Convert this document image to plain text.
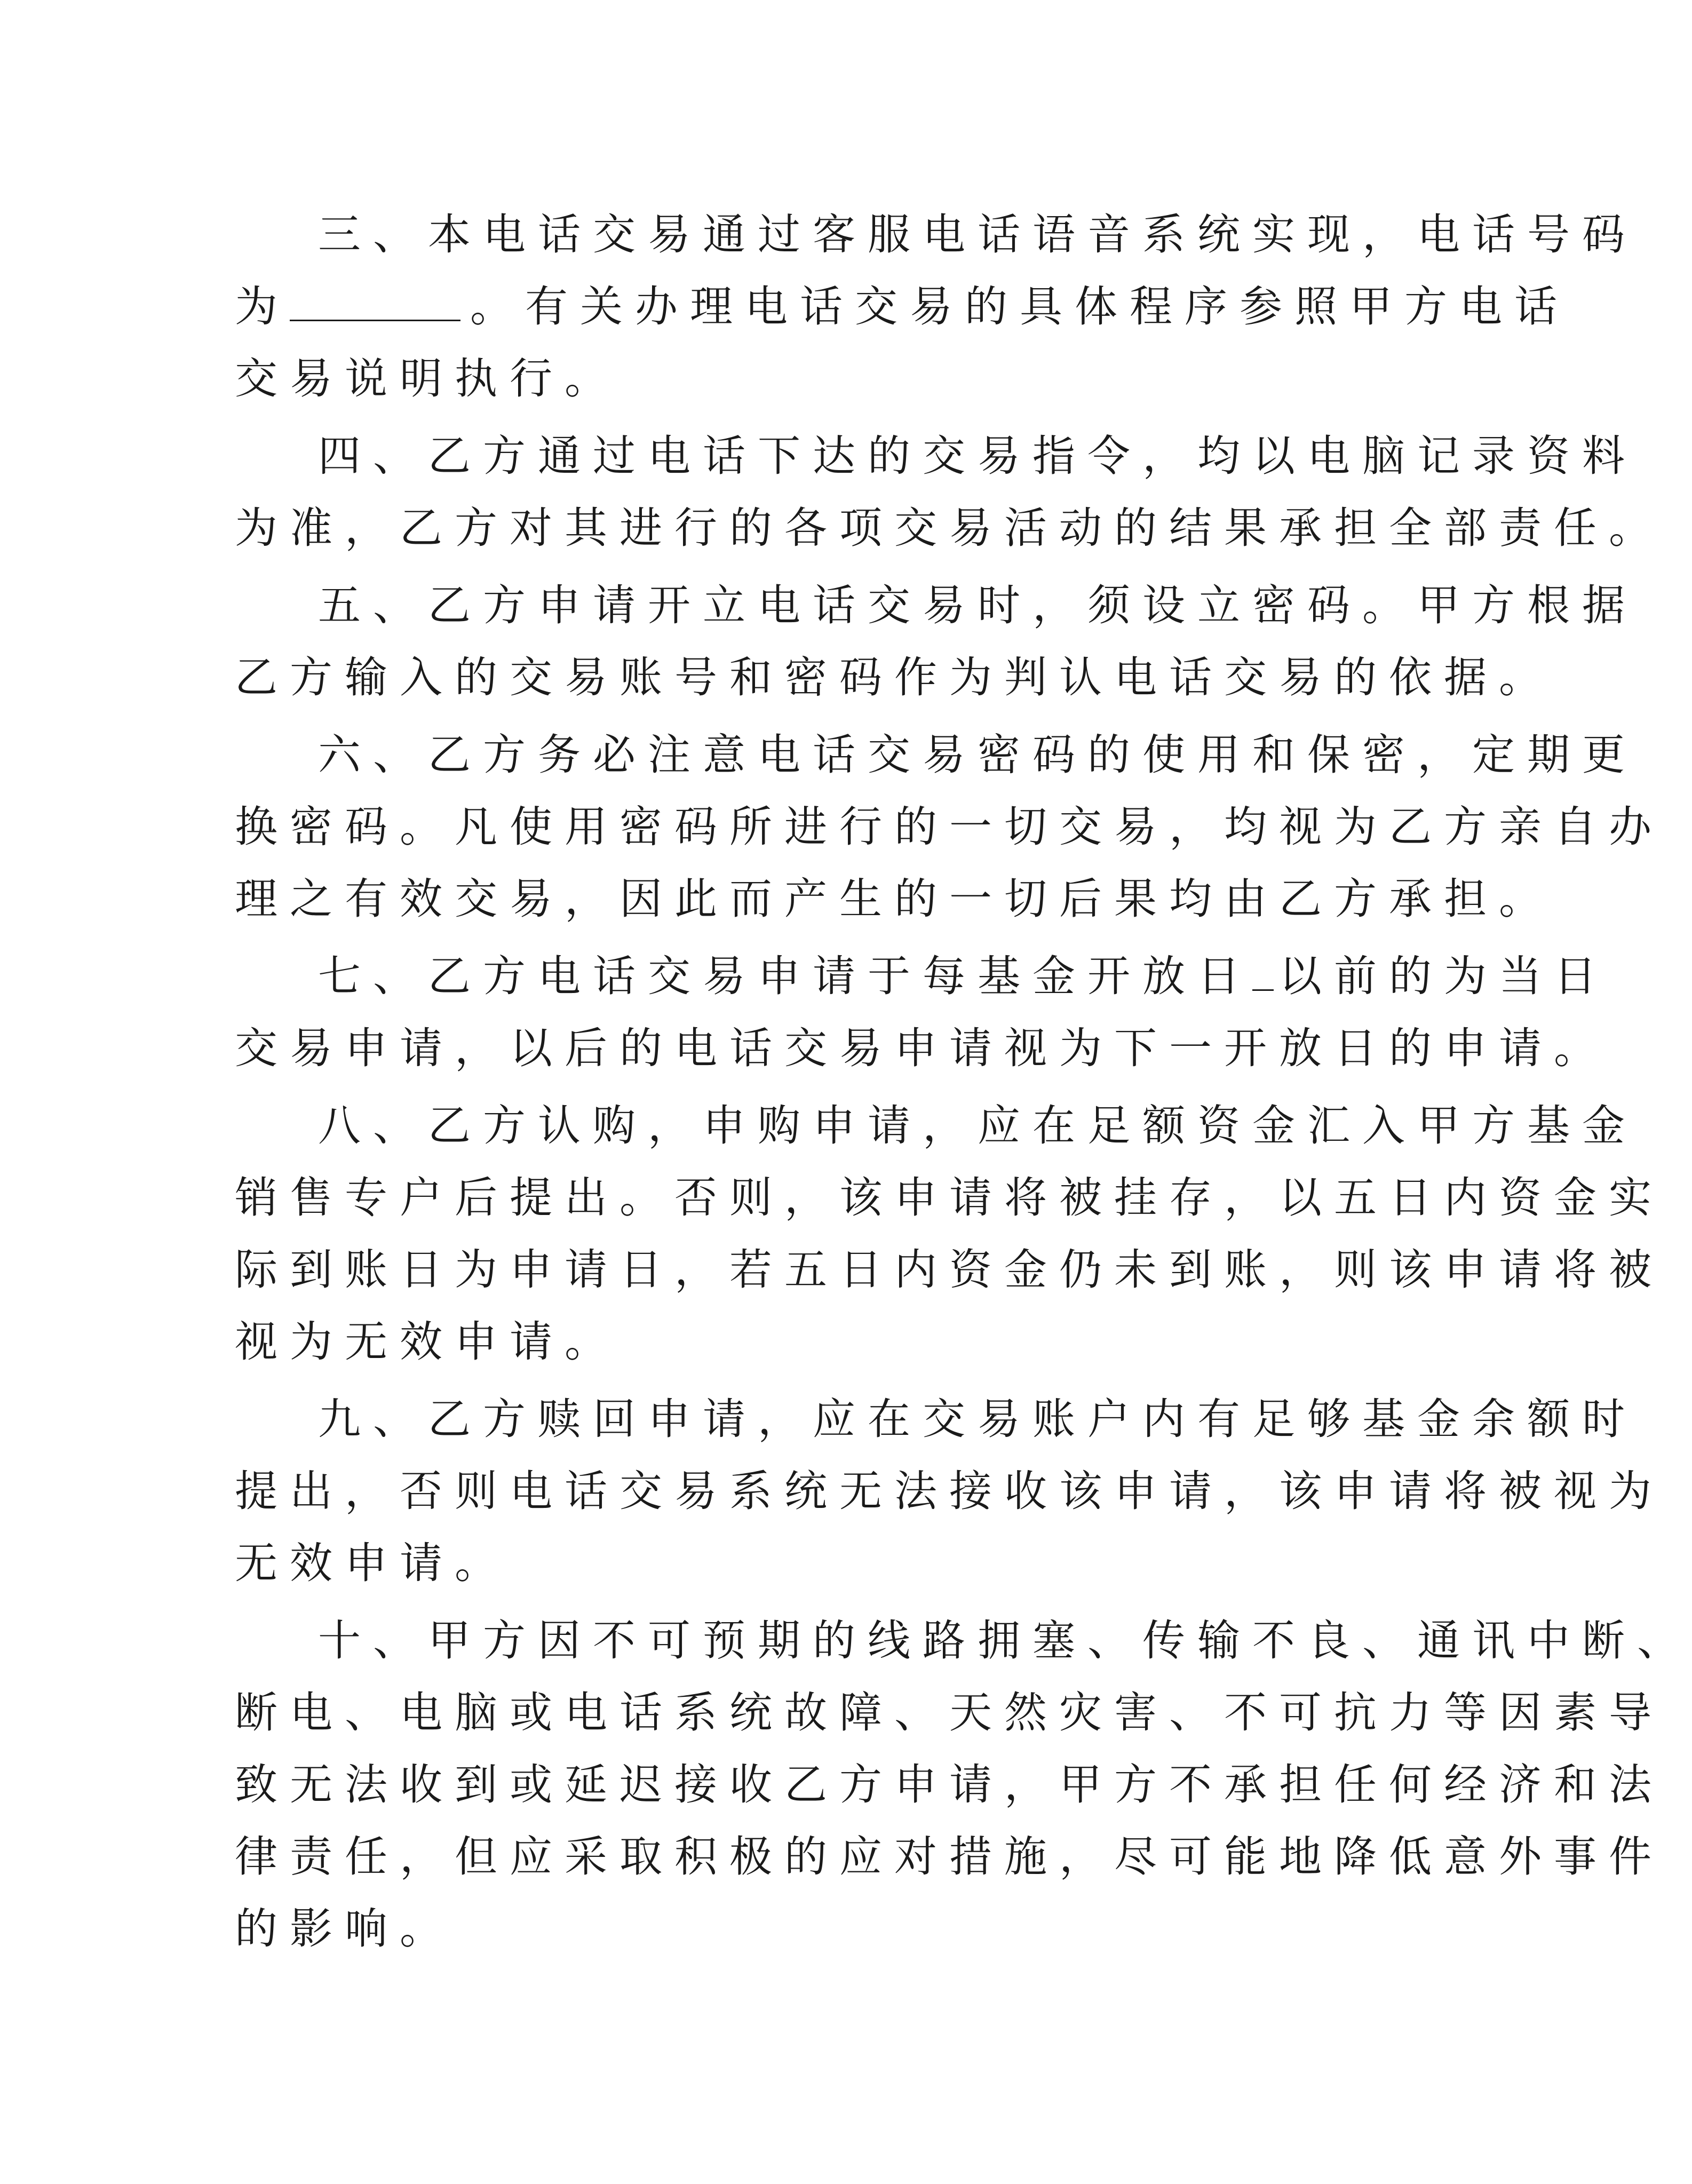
三、本电话交易通过客服电话语音系统实现，电话号码
为	。有关办理电话交易的具体程序参照甲方电话
交易说明执行。
四、乙方通过电话下达的交易指令，均以电脑记录资料
为准，乙方对其进行的各项交易活动的结果承担全部责任。
五、乙方申请开立电话交易时，须设立密码。甲方根据
乙方输入的交易账号和密码作为判认电话交易的依据。
六、乙方务必注意电话交易密码的使用和保密，定期更
换密码。凡使用密码所进行的一切交易，均视为乙方亲自办
理之有效交易，因此而产生的一切后果均由乙方承担。
七、乙方电话交易申请于每基金开放日 以前的为当日
交易申请，以后的电话交易申请视为下一开放日的申请。
八、乙方认购，申购申请，应在足额资金汇入甲方基金
销售专户后提出。否则，该申请将被挂存，以五日内资金实
际到账日为申请日，若五日内资金仍未到账，则该申请将被
视为无效申请。
九、乙方赎回申请，应在交易账户内有足够基金余额时
提出，否则电话交易系统无法接收该申请，该申请将被视为
无效申请。
十、甲方因不可预期的线路拥塞、传输不良、通讯中断、
断电、电脑或电话系统故障、天然灾害、不可抗力等因素导
致无法收到或延迟接收乙方申请，甲方不承担任何经济和法
律责任，但应采取积极的应对措施，尽可能地降低意外事件
的影响。
